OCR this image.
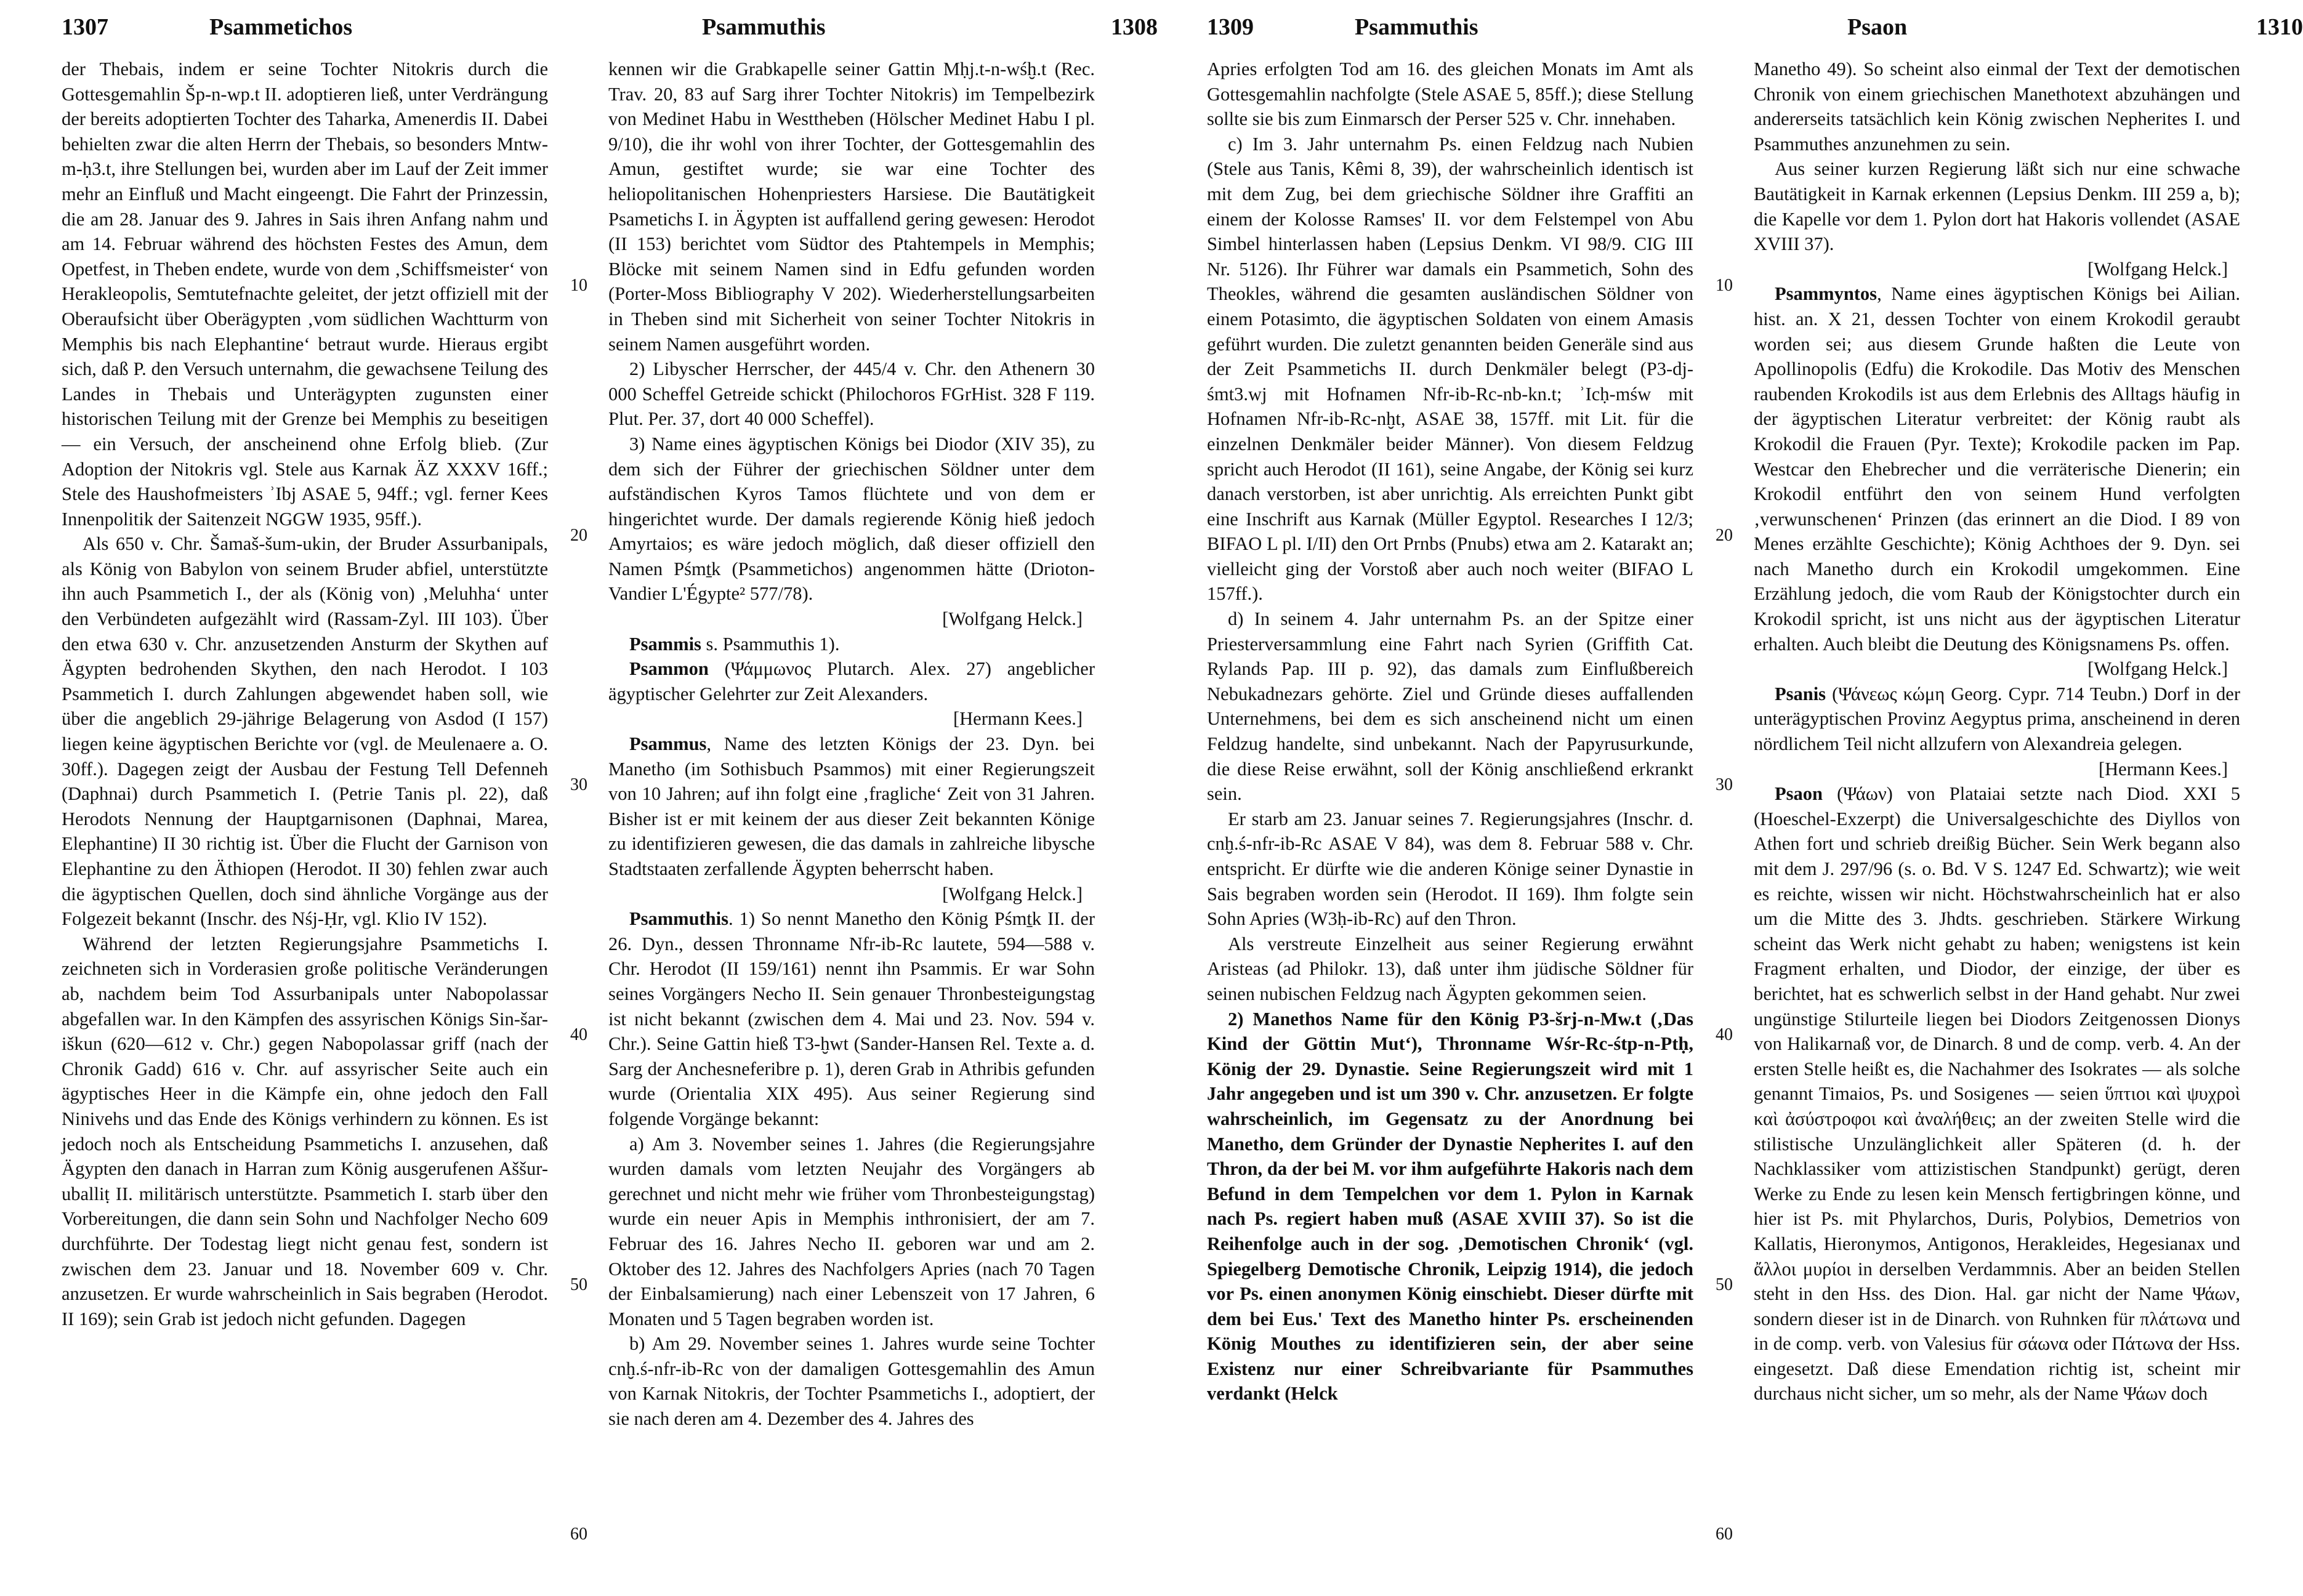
1307	Psammetichos	Psammuthis	1308

der Thebais, indem er seine Tochter Nitokris durch die Gottesgemahlin Šp-n-wp.t II. adoptieren ließ, unter Verdrängung der bereits adoptierten Tochter des Taharka, Amenerdis II. Dabei behielten zwar die alten Herrn der Thebais, so besonders Mntw-m-ḥ3.t, ihre Stellungen bei, wurden aber im Lauf der Zeit immer mehr an Einfluß und Macht eingeengt. Die Fahrt der Prinzessin, die am 28. Januar des 9. Jahres in Sais ihren Anfang nahm und am 14. Februar während des höchsten Festes des Amun, dem Opetfest, in Theben endete, wurde von dem ‚Schiffsmeister‘ von Herakleopolis, Semtutefnachte geleitet, der jetzt offiziell mit der Oberaufsicht über Oberägypten ‚vom südlichen Wachtturm von Memphis bis nach Elephantine‘ betraut wurde. Hieraus ergibt sich, daß P. den Versuch unternahm, die gewachsene Teilung des Landes in Thebais und Unterägypten zugunsten einer historischen Teilung mit der Grenze bei Memphis zu beseitigen — ein Versuch, der anscheinend ohne Erfolg blieb. (Zur Adoption der Nitokris vgl. Stele aus Karnak ÄZ XXXV 16ff.; Stele des Haushofmeisters ʾIbj ASAE 5, 94ff.; vgl. ferner Kees Innenpolitik der Saitenzeit NGGW 1935, 95ff.).

Als 650 v. Chr. Šamaš-šum-ukin, der Bruder Assurbanipals, als König von Babylon von seinem Bruder abfiel, unterstützte ihn auch Psammetich I., der als (König von) ‚Meluhha‘ unter den Verbündeten aufgezählt wird (Rassam-Zyl. III 103). Über den etwa 630 v. Chr. anzusetzenden Ansturm der Skythen auf Ägypten bedrohenden Skythen, den nach Herodot. I 103 Psammetich I. durch Zahlungen abgewendet haben soll, wie über die angeblich 29-jährige Belagerung von Asdod (I 157) liegen keine ägyptischen Berichte vor (vgl. de Meulenaere a. O. 30ff.). Dagegen zeigt der Ausbau der Festung Tell Defenneh (Daphnai) durch Psammetich I. (Petrie Tanis pl. 22), daß Herodots Nennung der Hauptgarnisonen (Daphnai, Marea, Elephantine) II 30 richtig ist. Über die Flucht der Garnison von Elephantine zu den Äthiopen (Herodot. II 30) fehlen zwar auch die ägyptischen Quellen, doch sind ähnliche Vorgänge aus der Folgezeit bekannt (Inschr. des Nśj-Ḥr, vgl. Klio IV 152).

Während der letzten Regierungsjahre Psammetichs I. zeichneten sich in Vorderasien große politische Veränderungen ab, nachdem beim Tod Assurbanipals unter Nabopolassar abgefallen war. In den Kämpfen des assyrischen Königs Sin-šar-iškun (620—612 v. Chr.) gegen Nabopolassar griff (nach der Chronik Gadd) 616 v. Chr. auf assyrischer Seite auch ein ägyptisches Heer in die Kämpfe ein, ohne jedoch den Fall Ninivehs und das Ende des Königs verhindern zu können. Es ist jedoch noch als Entscheidung Psammetichs I. anzusehen, daß Ägypten den danach in Harran zum König ausgerufenen Aššur-uballiṭ II. militärisch unterstützte. Psammetich I. starb über den Vorbereitungen, die dann sein Sohn und Nachfolger Necho 609 durchführte. Der Todestag liegt nicht genau fest, sondern ist zwischen dem 23. Januar und 18. November 609 v. Chr. anzusetzen. Er wurde wahrscheinlich in Sais begraben (Herodot. II 169); sein Grab ist jedoch nicht gefunden. Dagegen

10
20
30
40
50
60

kennen wir die Grabkapelle seiner Gattin Mḥj.t-n-wśḫ.t (Rec. Trav. 20, 83 auf Sarg ihrer Tochter Nitokris) im Tempelbezirk von Medinet Habu in Westtheben (Hölscher Medinet Habu I pl. 9/10), die ihr wohl von ihrer Tochter, der Gottesgemahlin des Amun, gestiftet wurde; sie war eine Tochter des heliopolitanischen Hohenpriesters Harsiese. Die Bautätigkeit Psametichs I. in Ägypten ist auffallend gering gewesen: Herodot (II 153) berichtet vom Südtor des Ptahtempels in Memphis; Blöcke mit seinem Namen sind in Edfu gefunden worden (Porter-Moss Bibliography V 202). Wiederherstellungsarbeiten in Theben sind mit Sicherheit von seiner Tochter Nitokris in seinem Namen ausgeführt worden.

2) Libyscher Herrscher, der 445/4 v. Chr. den Athenern 30 000 Scheffel Getreide schickt (Philochoros FGrHist. 328 F 119. Plut. Per. 37, dort 40 000 Scheffel).

3) Name eines ägyptischen Königs bei Diodor (XIV 35), zu dem sich der Führer der griechischen Söldner unter dem aufständischen Kyros Tamos flüchtete und von dem er hingerichtet wurde. Der damals regierende König hieß jedoch Amyrtaios; es wäre jedoch möglich, daß dieser offiziell den Namen Pśmṯk (Psammetichos) angenommen hätte (Drioton-Vandier L'Égypte² 577/78).
[Wolfgang Helck.]

Psammis s. Psammuthis 1).

Psammon (Ψάμμωνος Plutarch. Alex. 27) angeblicher ägyptischer Gelehrter zur Zeit Alexanders.
[Hermann Kees.]

Psammus, Name des letzten Königs der 23. Dyn. bei Manetho (im Sothisbuch Psammos) mit einer Regierungszeit von 10 Jahren; auf ihn folgt eine ‚fragliche‘ Zeit von 31 Jahren. Bisher ist er mit keinem der aus dieser Zeit bekannten Könige zu identifizieren gewesen, die das damals in zahlreiche libysche Stadtstaaten zerfallende Ägypten beherrscht haben.
[Wolfgang Helck.]

Psammuthis. 1) So nennt Manetho den König Pśmṯk II. der 26. Dyn., dessen Thronname Nfr-ib-Rc lautete, 594—588 v. Chr. Herodot (II 159/161) nennt ihn Psammis. Er war Sohn seines Vorgängers Necho II. Sein genauer Thronbesteigungstag ist nicht bekannt (zwischen dem 4. Mai und 23. Nov. 594 v. Chr.). Seine Gattin hieß T3-ḫwt (Sander-Hansen Rel. Texte a. d. Sarg der Anchesneferibre p. 1), deren Grab in Athribis gefunden wurde (Orientalia XIX 495). Aus seiner Regierung sind folgende Vorgänge bekannt:

a) Am 3. November seines 1. Jahres (die Regierungsjahre wurden damals vom letzten Neujahr des Vorgängers ab gerechnet und nicht mehr wie früher vom Thronbesteigungstag) wurde ein neuer Apis in Memphis inthronisiert, der am 7. Februar des 16. Jahres Necho II. geboren war und am 2. Oktober des 12. Jahres des Nachfolgers Apries (nach 70 Tagen der Einbalsamierung) nach einer Lebenszeit von 17 Jahren, 6 Monaten und 5 Tagen begraben worden ist.

b) Am 29. November seines 1. Jahres wurde seine Tochter cnḫ.ś-nfr-ib-Rc von der damaligen Gottesgemahlin des Amun von Karnak Nitokris, der Tochter Psammetichs I., adoptiert, der sie nach deren am 4. Dezember des 4. Jahres des

1309	Psammuthis	Psaon	1310

Apries erfolgten Tod am 16. des gleichen Monats im Amt als Gottesgemahlin nachfolgte (Stele ASAE 5, 85ff.); diese Stellung sollte sie bis zum Einmarsch der Perser 525 v. Chr. innehaben.

c) Im 3. Jahr unternahm Ps. einen Feldzug nach Nubien (Stele aus Tanis, Kêmi 8, 39), der wahrscheinlich identisch ist mit dem Zug, bei dem griechische Söldner ihre Graffiti an einem der Kolosse Ramses' II. vor dem Felstempel von Abu Simbel hinterlassen haben (Lepsius Denkm. VI 98/9. CIG III Nr. 5126). Ihr Führer war damals ein Psammetich, Sohn des Theokles, während die gesamten ausländischen Söldner von einem Potasimto, die ägyptischen Soldaten von einem Amasis geführt wurden. Die zuletzt genannten beiden Generäle sind aus der Zeit Psammetichs II. durch Denkmäler belegt (P3-dj-śmt3.wj mit Hofnamen Nfr-ib-Rc-nb-kn.t; ʾIcḥ-mśw mit Hofnamen Nfr-ib-Rc-nḫt, ASAE 38, 157ff. mit Lit. für die einzelnen Denkmäler beider Männer). Von diesem Feldzug spricht auch Herodot (II 161), seine Angabe, der König sei kurz danach verstorben, ist aber unrichtig. Als erreichten Punkt gibt eine Inschrift aus Karnak (Müller Egyptol. Researches I 12/3; BIFAO L pl. I/II) den Ort Prnbs (Pnubs) etwa am 2. Katarakt an; vielleicht ging der Vorstoß aber auch noch weiter (BIFAO L 157ff.).

d) In seinem 4. Jahr unternahm Ps. an der Spitze einer Priesterversammlung eine Fahrt nach Syrien (Griffith Cat. Rylands Pap. III p. 92), das damals zum Einflußbereich Nebukadnezars gehörte. Ziel und Gründe dieses auffallenden Unternehmens, bei dem es sich anscheinend nicht um einen Feldzug handelte, sind unbekannt. Nach der Papyrusurkunde, die diese Reise erwähnt, soll der König anschließend erkrankt sein.

Er starb am 23. Januar seines 7. Regierungsjahres (Inschr. d. cnḫ.ś-nfr-ib-Rc ASAE V 84), was dem 8. Februar 588 v. Chr. entspricht. Er dürfte wie die anderen Könige seiner Dynastie in Sais begraben worden sein (Herodot. II 169). Ihm folgte sein Sohn Apries (W3ḥ-ib-Rc) auf den Thron.

Als verstreute Einzelheit aus seiner Regierung erwähnt Aristeas (ad Philokr. 13), daß unter ihm jüdische Söldner für seinen nubischen Feldzug nach Ägypten gekommen seien.

2) Manethos Name für den König P3-šrj-n-Mw.t (‚Das Kind der Göttin Mut‘), Thronname Wśr-Rc-śtp-n-Ptḥ, König der 29. Dynastie. Seine Regierungszeit wird mit 1 Jahr angegeben und ist um 390 v. Chr. anzusetzen. Er folgte wahrscheinlich, im Gegensatz zu der Anordnung bei Manetho, dem Gründer der Dynastie Nepherites I. auf den Thron, da der bei M. vor ihm aufgeführte Hakoris nach dem Befund in dem Tempelchen vor dem 1. Pylon in Karnak nach Ps. regiert haben muß (ASAE XVIII 37). So ist die Reihenfolge auch in der sog. ‚Demotischen Chronik‘ (vgl. Spiegelberg Demotische Chronik, Leipzig 1914), die jedoch vor Ps. einen anonymen König einschiebt. Dieser dürfte mit dem bei Eus.' Text des Manetho hinter Ps. erscheinenden König Mouthes zu identifizieren sein, der aber seine Existenz nur einer Schreibvariante für Psammuthes verdankt (Helck

10
20
30
40
50
60

Manetho 49). So scheint also einmal der Text der demotischen Chronik von einem griechischen Manethotext abzuhängen und andererseits tatsächlich kein König zwischen Nepherites I. und Psammuthes anzunehmen zu sein.

Aus seiner kurzen Regierung läßt sich nur eine schwache Bautätigkeit in Karnak erkennen (Lepsius Denkm. III 259 a, b); die Kapelle vor dem 1. Pylon dort hat Hakoris vollendet (ASAE XVIII 37).
[Wolfgang Helck.]

Psammyntos, Name eines ägyptischen Königs bei Ailian. hist. an. X 21, dessen Tochter von einem Krokodil geraubt worden sei; aus diesem Grunde haßten die Leute von Apollinopolis (Edfu) die Krokodile. Das Motiv des Menschen raubenden Krokodils ist aus dem Erlebnis des Alltags häufig in der ägyptischen Literatur verbreitet: der König raubt als Krokodil die Frauen (Pyr. Texte); Krokodile packen im Pap. Westcar den Ehebrecher und die verräterische Dienerin; ein Krokodil entführt den von seinem Hund verfolgten ‚verwunschenen‘ Prinzen (das erinnert an die Diod. I 89 von Menes erzählte Geschichte); König Achthoes der 9. Dyn. sei nach Manetho durch ein Krokodil umgekommen. Eine Erzählung jedoch, die vom Raub der Königstochter durch ein Krokodil spricht, ist uns nicht aus der ägyptischen Literatur erhalten. Auch bleibt die Deutung des Königsnamens Ps. offen.
[Wolfgang Helck.]

Psanis (Ψάνεως κώμη Georg. Cypr. 714 Teubn.) Dorf in der unterägyptischen Provinz Aegyptus prima, anscheinend in deren nördlichem Teil nicht allzufern von Alexandreia gelegen.
[Hermann Kees.]

Psaon (Ψάων) von Plataiai setzte nach Diod. XXI 5 (Hoeschel-Exzerpt) die Universalgeschichte des Diyllos von Athen fort und schrieb dreißig Bücher. Sein Werk begann also mit dem J. 297/96 (s. o. Bd. V S. 1247 Ed. Schwartz); wie weit es reichte, wissen wir nicht. Höchstwahrscheinlich hat er also um die Mitte des 3. Jhdts. geschrieben. Stärkere Wirkung scheint das Werk nicht gehabt zu haben; wenigstens ist kein Fragment erhalten, und Diodor, der einzige, der über es berichtet, hat es schwerlich selbst in der Hand gehabt. Nur zwei ungünstige Stilurteile liegen bei Diodors Zeitgenossen Dionys von Halikarnaß vor, de Dinarch. 8 und de comp. verb. 4. An der ersten Stelle heißt es, die Nachahmer des Isokrates — als solche genannt Timaios, Ps. und Sosigenes — seien ὕπτιοι καὶ ψυχροὶ καὶ ἀσύστροφοι καὶ ἀναλήθεις; an der zweiten Stelle wird die stilistische Unzulänglichkeit aller Späteren (d. h. der Nachklassiker vom attizistischen Standpunkt) gerügt, deren Werke zu Ende zu lesen kein Mensch fertigbringen könne, und hier ist Ps. mit Phylarchos, Duris, Polybios, Demetrios von Kallatis, Hieronymos, Antigonos, Herakleides, Hegesianax und ἄλλοι μυρίοι in derselben Verdammnis. Aber an beiden Stellen steht in den Hss. des Dion. Hal. gar nicht der Name Ψάων, sondern dieser ist in de Dinarch. von Ruhnken für πλάτωνα und in de comp. verb. von Valesius für σάωνα oder Πάτωνα der Hss. eingesetzt. Daß diese Emendation richtig ist, scheint mir durchaus nicht sicher, um so mehr, als der Name Ψάων doch
